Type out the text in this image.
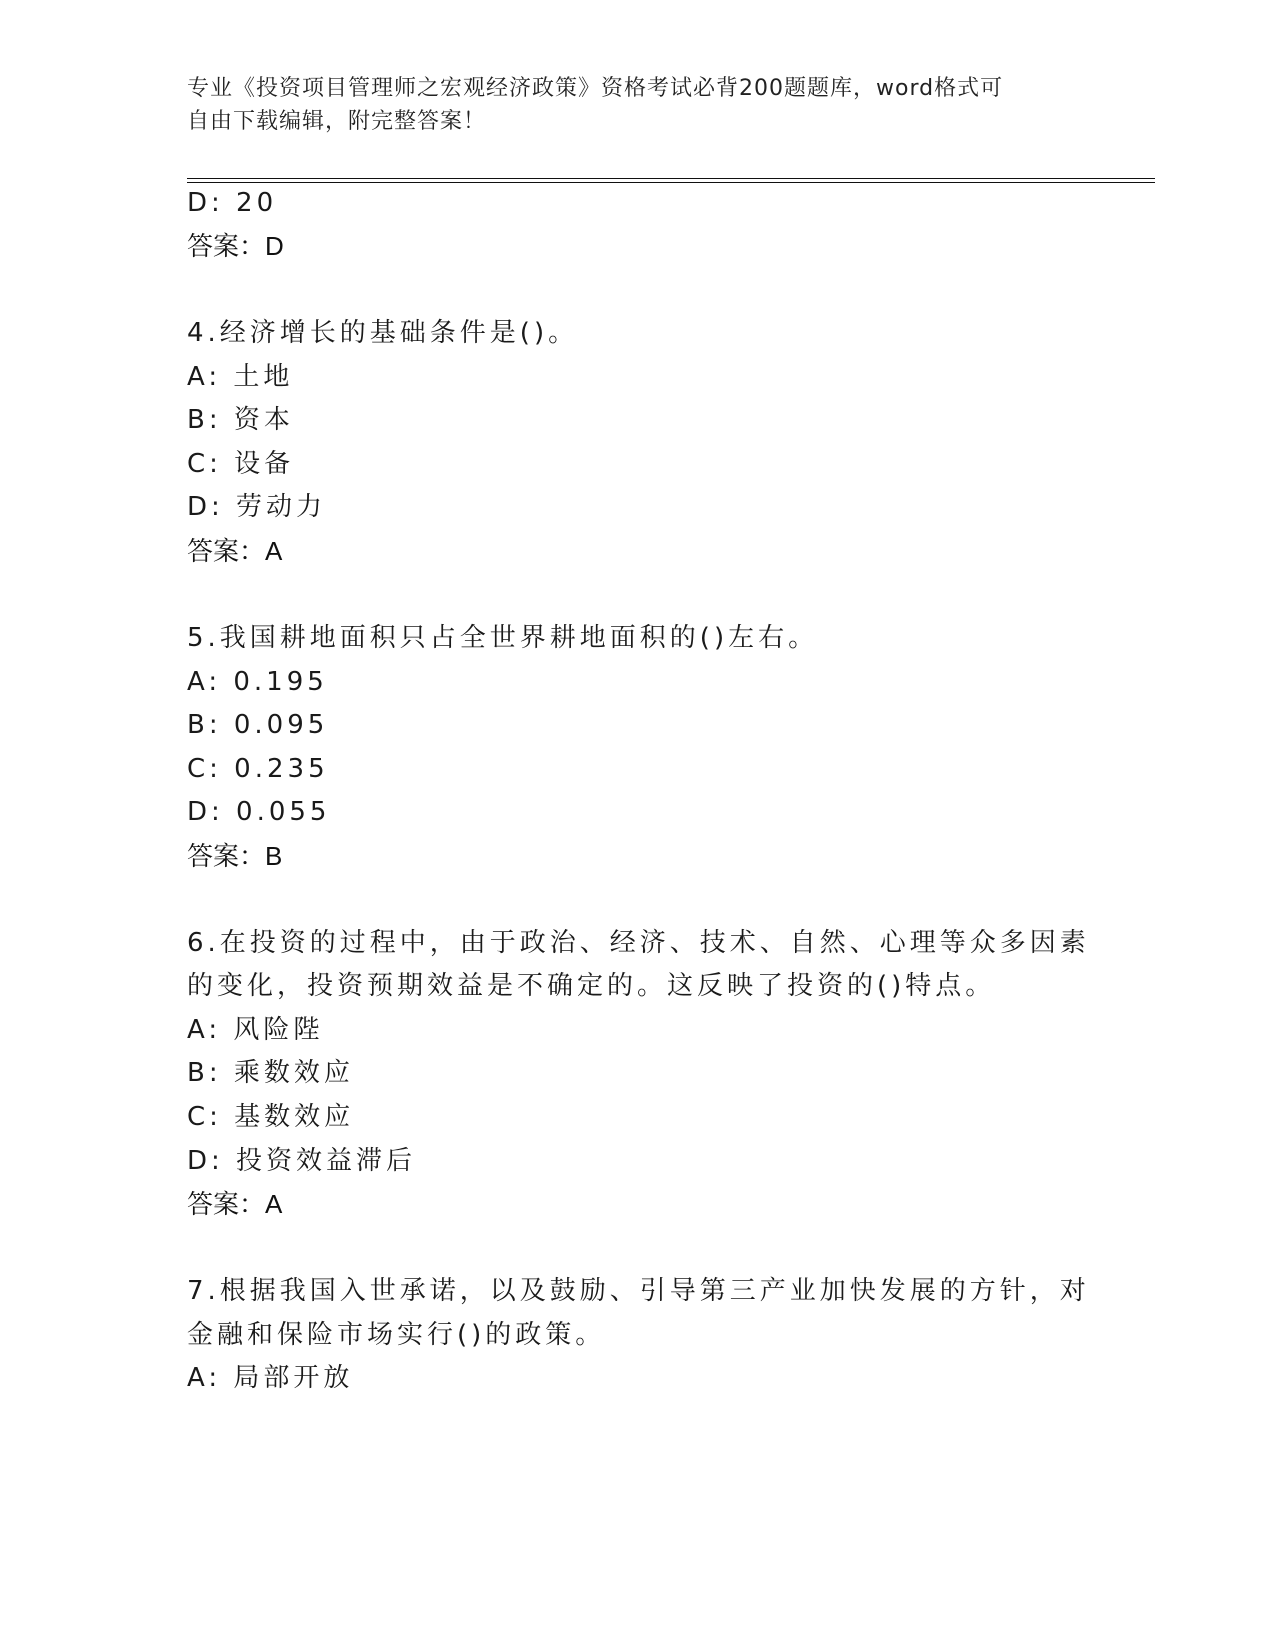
专业《投资项目管理师之宏观经济政策》资格考试必背200题题库，word格式可
自由下载编辑，附完整答案！
D: 20
答案：D
4.经济增长的基础条件是()。
A: 土地
B: 资本
C: 设备
D: 劳动力
答案：A
5.我国耕地面积只占全世界耕地面积的()左右。
A: 0.195
B: 0.095
C: 0.235
D: 0.055
答案：B
6.在投资的过程中，由于政治、经济、技术、自然、心理等众多因素
的变化，投资预期效益是不确定的。这反映了投资的()特点。
A: 风险陛
B: 乘数效应
C: 基数效应
D: 投资效益滞后
答案：A
7.根据我国入世承诺，以及鼓励、引导第三产业加快发展的方针，对
金融和保险市场实行()的政策。
A: 局部开放
